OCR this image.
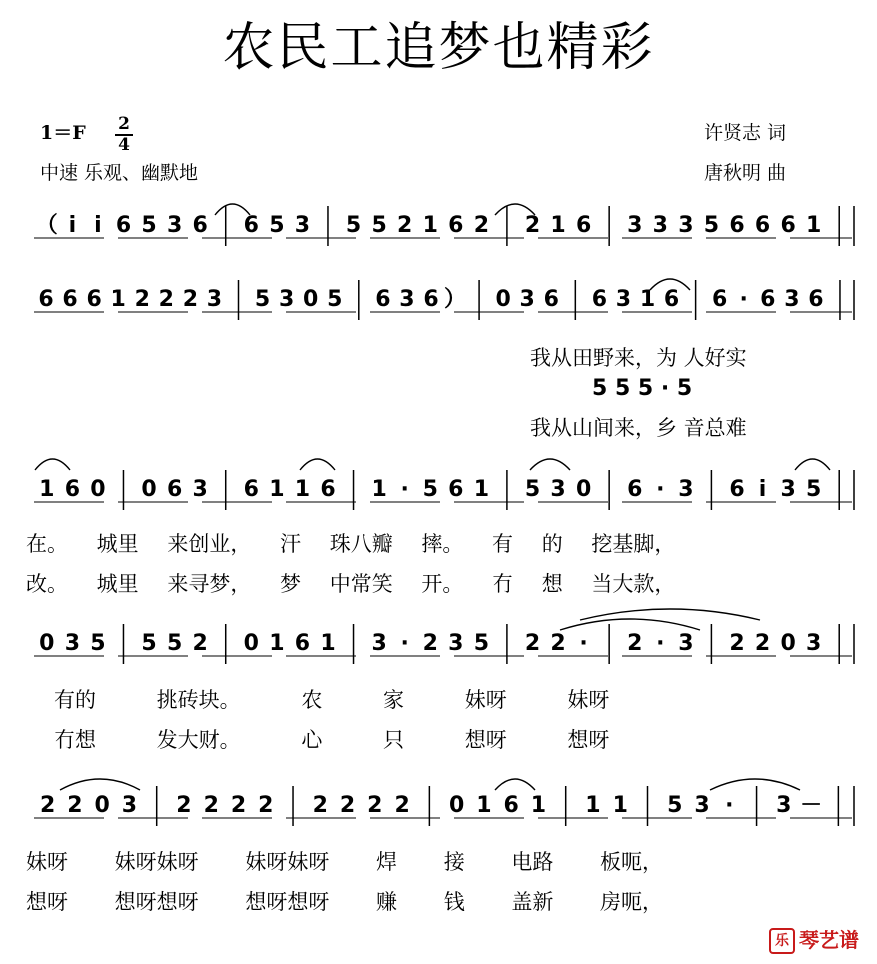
农民工追梦也精彩
1＝F 2
4
中速 乐观、幽默地
许贤志 词
唐秋明 曲
（ i i 6 5 3 6 6 5 3 5 5 2 1 6 2 2 1 6 3 3 3 5 6 6 6 1
6 6 6 1 2 2 2 3 5 3 0 5 6 3 6 ） 0 3 6 6 3 1 6 6 · 6 3 6
1 6 0 0 6 3 6 1 1 6 1 · 5 6 1 5 3 0 6 · 3 6 i 3 5
0 3 5 5 5 2 0 1 6 1 3 · 2 3 5 2 2 · 2 · 3 2 2 0 3
2 2 0 3 2 2 2 2 2 2 2 2 0 1 6 1 1 1 5 3 · 3 －
我从田野来，为 人好实
5 5 5 · 5
我从山间来，乡 音总难
在。 城里 来创业， 汗 珠八瓣 摔。 有 的 挖基脚，
改。 城里 来寻梦， 梦 中常笑 开。 冇 想 当大款，
有的 挑砖块。 农 家 妹呀 妹呀
冇想 发大财。 心 只 想呀 想呀
妹呀 妹呀妹呀 妹呀妹呀 焊 接 电路 板呃，
想呀 想呀想呀 想呀想呀 赚 钱 盖新 房呃，
乐 琴艺谱
